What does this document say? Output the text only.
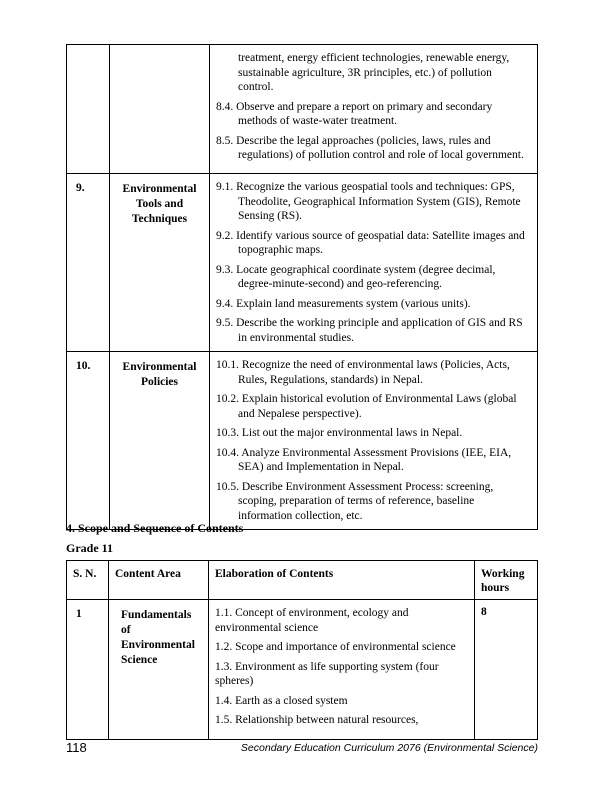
		treatment, energy efficient technologies, renewable energy, sustainable agriculture, 3R principles, etc.) of pollution control.
8.4. Observe and prepare a report on primary and secondary methods of waste-water treatment.
8.5. Describe the legal approaches (policies, laws, rules and regulations) of pollution control and role of local government.

9.	Environmental Tools and Techniques	9.1. Recognize the various geospatial tools and techniques: GPS, Theodolite, Geographical Information System (GIS), Remote Sensing (RS).
9.2. Identify various source of geospatial data: Satellite images and topographic maps.
9.3. Locate geographical coordinate system (degree decimal, degree-minute-second) and geo-referencing.
9.4. Explain land measurements system (various units).
9.5. Describe the working principle and application of GIS and RS in environmental studies.

10.	Environmental Policies	10.1. Recognize the need of environmental laws (Policies, Acts, Rules, Regulations, standards) in Nepal.
10.2. Explain historical evolution of Environmental Laws (global and Nepalese perspective).
10.3. List out the major environmental laws in Nepal.
10.4. Analyze Environmental Assessment Provisions (IEE, EIA, SEA) and Implementation in Nepal.
10.5. Describe Environment Assessment Process: screening, scoping, preparation of terms of reference, baseline information collection, etc.
4. Scope and Sequence of Contents
Grade 11
S. N.	Content Area	Elaboration of Contents	Working hours
1	Fundamentals of Environmental Science	1.1. Concept of environment, ecology and environmental science
1.2. Scope and importance of environmental science
1.3. Environment as life supporting system (four spheres)
1.4. Earth as a closed system
1.5. Relationship between natural resources,	8
118	Secondary Education Curriculum 2076 (Environmental Science)
